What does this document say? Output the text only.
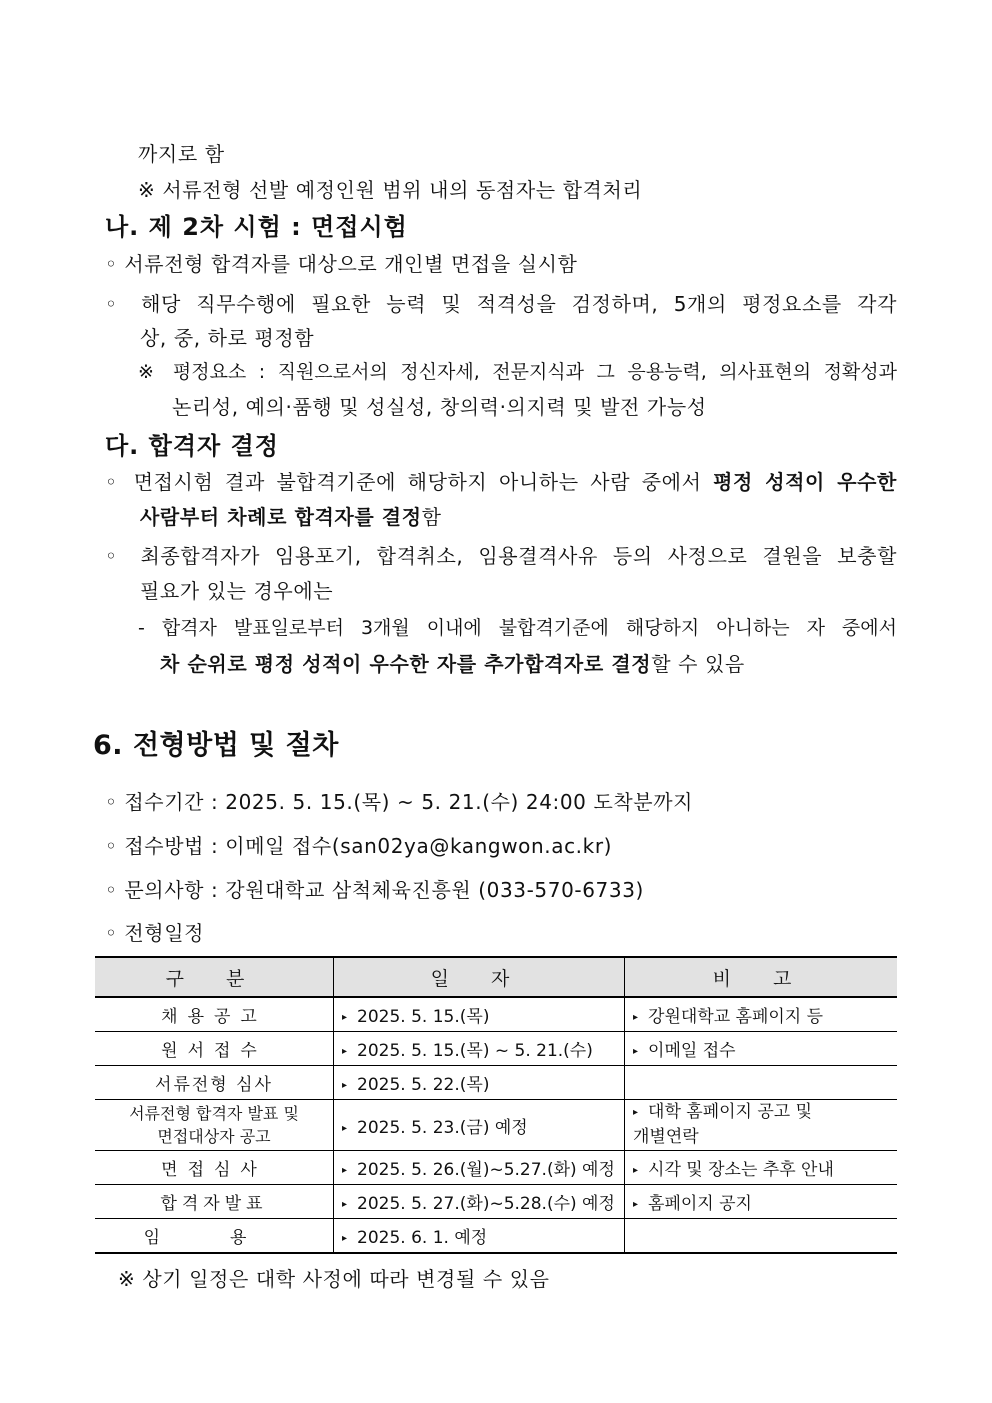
까지로 함
※ 서류전형 선발 예정인원 범위 내의 동점자는 합격처리
나. 제 2차 시험 : 면접시험
◦ 서류전형 합격자를 대상으로 개인별 면접을 실시함
◦ 해당 직무수행에 필요한 능력 및 적격성을 검정하며, 5개의 평정요소를 각각
상, 중, 하로 평정함
※ 평정요소 : 직원으로서의 정신자세, 전문지식과 그 응용능력, 의사표현의 정확성과
논리성, 예의·품행 및 성실성, 창의력·의지력 및 발전 가능성
다. 합격자 결정
◦ 면접시험 결과 불합격기준에 해당하지 아니하는 사람 중에서 평정 성적이 우수한
사람부터 차례로 합격자를 결정함
◦ 최종합격자가 임용포기, 합격취소, 임용결격사유 등의 사정으로 결원을 보충할
필요가 있는 경우에는
- 합격자 발표일로부터 3개월 이내에 불합격기준에 해당하지 아니하는 자 중에서
차 순위로 평정 성적이 우수한 자를 추가합격자로 결정할 수 있음
6. 전형방법 및 절차
◦ 접수기간 : 2025. 5. 15.(목) ~ 5. 21.(수) 24:00 도착분까지
◦ 접수방법 : 이메일 접수(san02ya@kangwon.ac.kr)
◦ 문의사항 : 강원대학교 삼척체육진흥원 (033-570-6733)
◦ 전형일정
구 분	일 자	비 고
채용공고	▸ 2025. 5. 15.(목)	▸ 강원대학교 홈페이지 등
원서접수	▸ 2025. 5. 15.(목) ~ 5. 21.(수)	▸ 이메일 접수
서류전형 심사	▸ 2025. 5. 22.(목)	
서류전형 합격자 발표 및
면접대상자 공고	▸ 2025. 5. 23.(금) 예정	▸ 대학 홈페이지 공고 및
개별연락
면접심사	▸ 2025. 5. 26.(월)~5.27.(화) 예정	▸ 시각 및 장소는 추후 안내
합격자발표	▸ 2025. 5. 27.(화)~5.28.(수) 예정	▸ 홈페이지 공지
임용	▸ 2025. 6. 1. 예정	
※ 상기 일정은 대학 사정에 따라 변경될 수 있음
